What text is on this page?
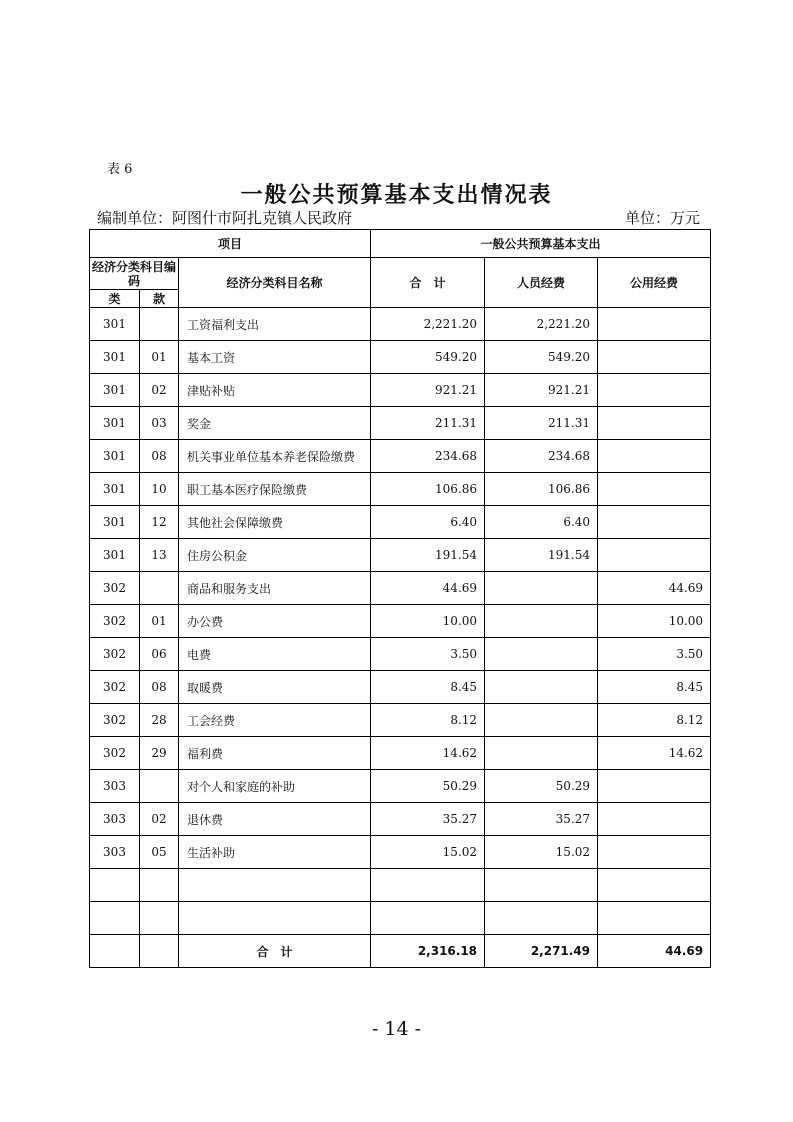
表 6
一般公共预算基本支出情况表
编制单位：阿图什市阿扎克镇人民政府	单位：万元
项目			一般公共预算基本支出		
经济分类科目编码		经济分类科目名称	合　计	人员经费	公用经费
类	款				
301		工资福利支出	2,221.20	2,221.20	
301	01	基本工资	549.20	549.20	
301	02	津贴补贴	921.21	921.21	
301	03	奖金	211.31	211.31	
301	08	机关事业单位基本养老保险缴费	234.68	234.68	
301	10	职工基本医疗保险缴费	106.86	106.86	
301	12	其他社会保障缴费	6.40	6.40	
301	13	住房公积金	191.54	191.54	
302		商品和服务支出	44.69		44.69
302	01	办公费	10.00		10.00
302	06	电费	3.50		3.50
302	08	取暖费	8.45		8.45
302	28	工会经费	8.12		8.12
302	29	福利费	14.62		14.62
303		对个人和家庭的补助	50.29	50.29	
303	02	退休费	35.27	35.27	
303	05	生活补助	15.02	15.02	

		合　计	2,316.18	2,271.49	44.69
- 14 -
